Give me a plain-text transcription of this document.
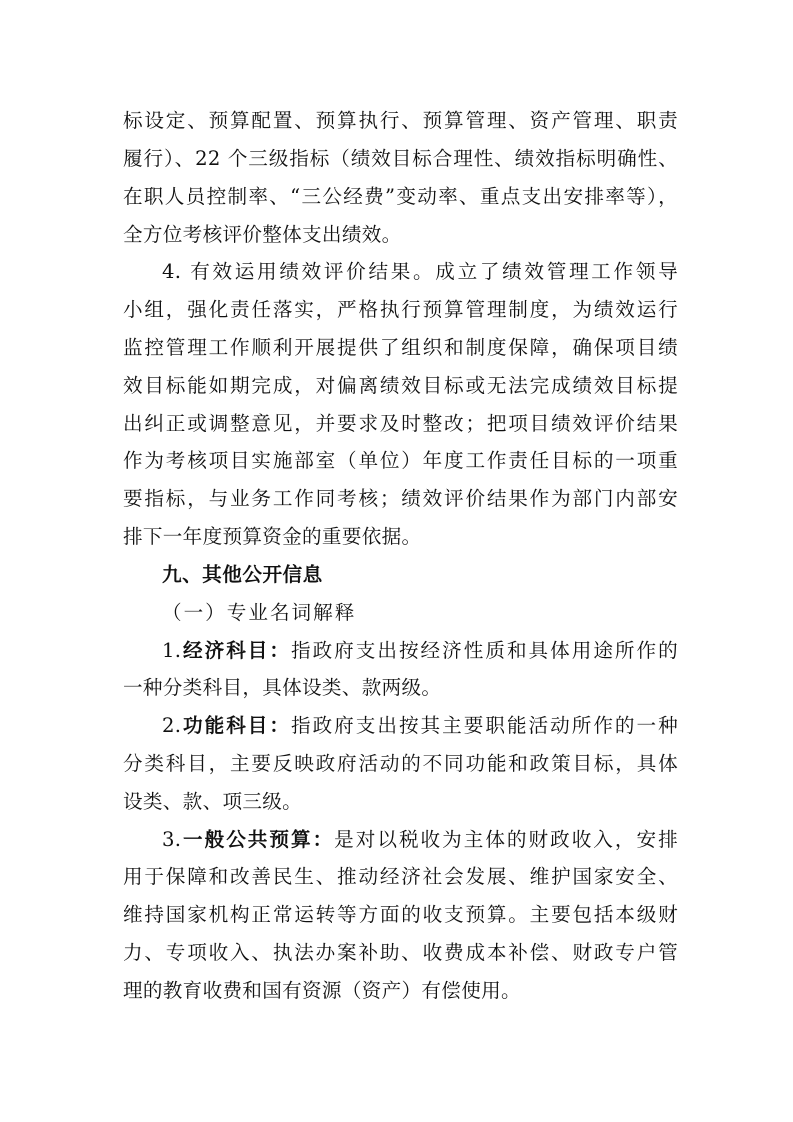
标设定、预算配置、预算执行、预算管理、资产管理、职责
履行）、22 个三级指标（绩效目标合理性、绩效指标明确性、
在职人员控制率、“三公经费”变动率、重点支出安排率等），
全方位考核评价整体支出绩效。
4. 有效运用绩效评价结果。成立了绩效管理工作领导
小组，强化责任落实，严格执行预算管理制度，为绩效运行
监控管理工作顺利开展提供了组织和制度保障，确保项目绩
效目标能如期完成，对偏离绩效目标或无法完成绩效目标提
出纠正或调整意见，并要求及时整改；把项目绩效评价结果
作为考核项目实施部室（单位）年度工作责任目标的一项重
要指标，与业务工作同考核；绩效评价结果作为部门内部安
排下一年度预算资金的重要依据。
九、其他公开信息
（一）专业名词解释
1.经济科目：指政府支出按经济性质和具体用途所作的
一种分类科目，具体设类、款两级。
2.功能科目：指政府支出按其主要职能活动所作的一种
分类科目，主要反映政府活动的不同功能和政策目标，具体
设类、款、项三级。
3.一般公共预算：是对以税收为主体的财政收入，安排
用于保障和改善民生、推动经济社会发展、维护国家安全、
维持国家机构正常运转等方面的收支预算。主要包括本级财
力、专项收入、执法办案补助、收费成本补偿、财政专户管
理的教育收费和国有资源（资产）有偿使用。
